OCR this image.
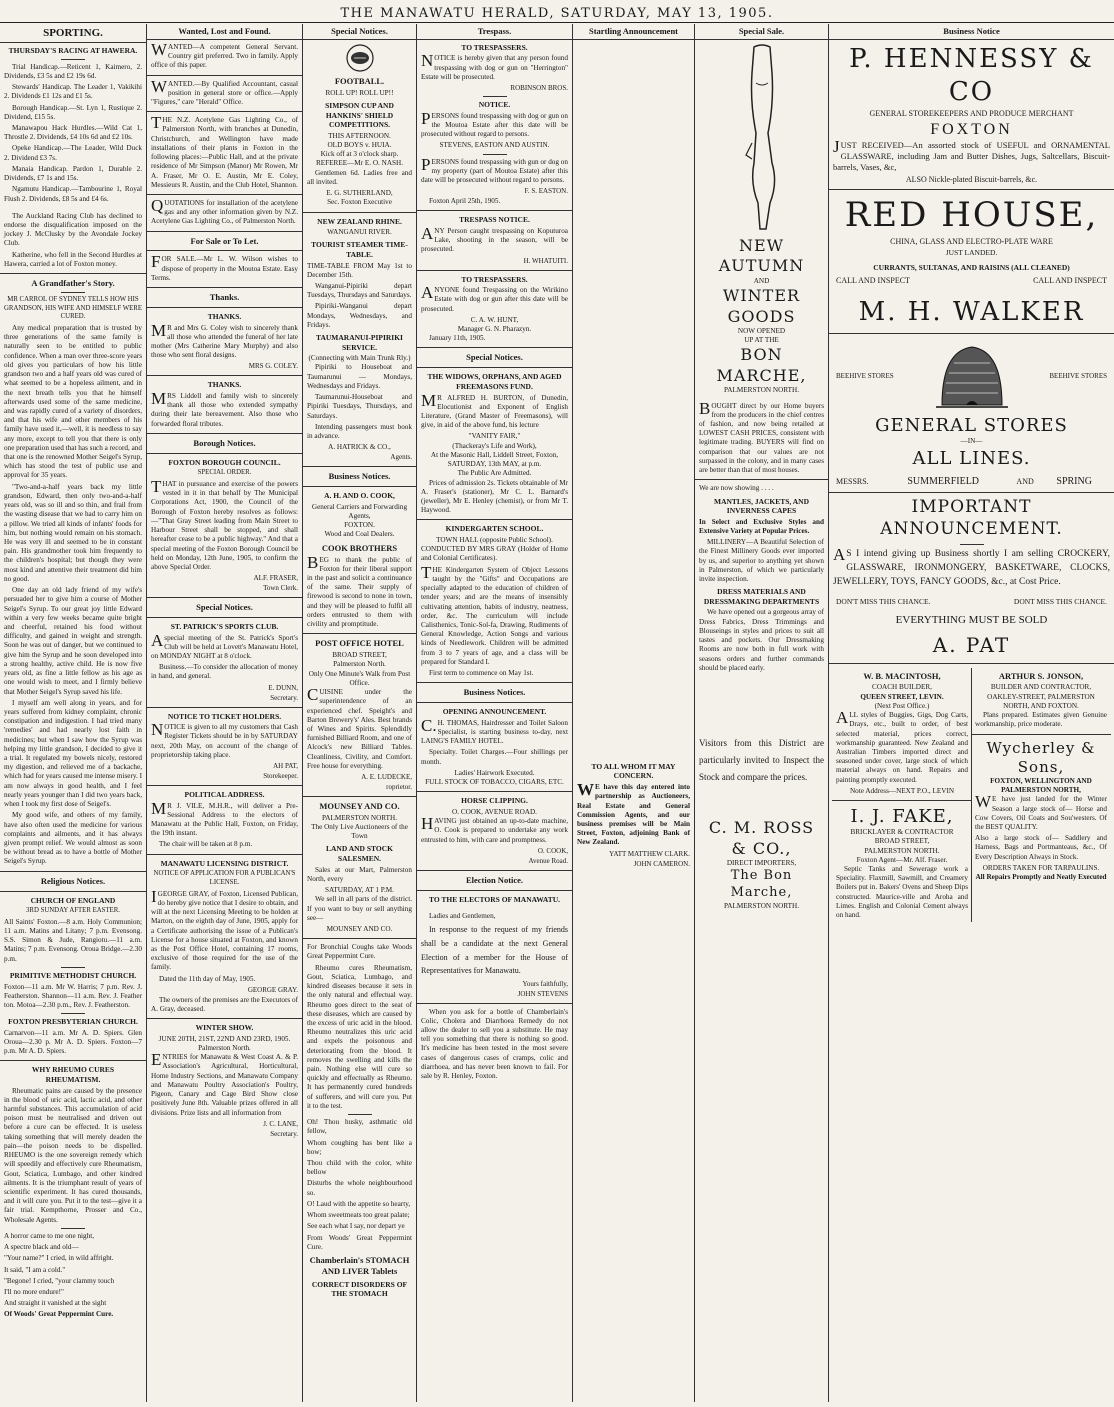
THE MANAWATU HERALD, SATURDAY, MAY 13, 1905.
SPORTING.
THURSDAY'S RACING AT HAWERA.
Trial Handicap.—Reticent 1, Kaimero, 2. Dividends, £3 5s and £2 19s 6d.
Stewards' Handicap. The Leader 1, Vakikihi 2. Dividends £1 12s and £1 5s.
Borough Handicap.—St. Lyn 1, Rustique 2. Dividend, £15 5s.
Manawapou Hack Hurdles.—Wild Cat 1, Throstle 2. Dividends, £4 10s 6d and £2 10s.
Opeke Handicap.—The Leader, Wild Duck 2. Dividend £3 7s.
Manaia Handicap. Pardon 1, Durable 2. Dividends, £7 1s and 15s.
Ngamutu Handicap.—Tambourine 1, Royal Flush 2. Dividends, £8 5s and £4 6s.
The Auckland Racing Club has declined to endorse the disqualification imposed on the jockey J. McClusky by the Avondale Jockey Club.
Katherine, who fell in the Second Hurdles at Hawera, carried a lot of Foxton money.
A Grandfather's Story.
MR CARROL OF SYDNEY TELLS HOW HIS GRANDSON, HIS WIFE AND HIMSELF WERE CURED.
Any medical preparation that is trusted by three generations of the same family is naturally seen to be entitled to public confidence. When a man over three-score years old gives you particulars of how his little grandson two and a half years old was cured of what seemed to be a hopeless ailment, and in the next breath tells you that he himself afterwards used some of the same medicine, and was rapidly cured of a variety of disorders, and that his wife and other members of his family have used it,—well, it is needless to say any more, except to tell you that there is only one preparation used that has such a record, and that one is the renowned Mother Seigel's Syrup, which has stood the test of public use and approval for 35 years.
"Two-and-a-half years back my little grandson, Edward, then only two-and-a-half years old, was so ill and so thin, and frail from the wasting disease that we had to carry him on a pillow. We tried all kinds of infants' foods for him, but nothing would remain on his stomach. He was very ill and seemed to be in constant pain. His grandmother took him frequently to the children's hospital; but though they were most kind and attentive their treatment did him no good.
One day an old lady friend of my wife's persuaded her to give him a course of Mother Seigel's Syrup. To our great joy little Edward within a very few weeks became quite bright and cheerful, retained his food without difficulty, and gained in weight and strength. Soon he was out of danger, but we continued to give him the Syrup and he soon developed into a strong healthy, active child. He is now five years old, as fine a little fellow as his age as one would wish to meet, and I firmly believe that Mother Seigel's Syrup saved his life.
I myself am well along in years, and for years suffered from kidney complaint, chronic constipation and indigestion. I had tried many 'remedies' and had nearly lost faith in medicines; but when I saw how the Syrup was helping my little grandson, I decided to give it a trial. It regulated my bowels nicely, restored my digestion, and relieved me of a backache, which had for years caused me intense misery. I am now always in good health, and I feel nearly years younger than I did two years back, when I took my first dose of Seigel's.
My good wife, and others of my family, have also often used the medicine for various complaints and ailments, and it has always given prompt relief. We would almost as soon be without bread as to have a bottle of Mother Seigel's Syrup.
Religious Notices.
CHURCH OF ENGLAND
3RD SUNDAY AFTER EASTER.
All Saints' Foxton.—8 a.m. Holy Communion; 11 a.m. Matins and Litany; 7 p.m. Evensong. S.S. Simon & Jude, Rangiotu.—11 a.m. Matins; 7 p.m. Evensong. Oroua Bridge.—2.30 p.m.
PRIMITIVE METHODIST CHURCH.
Foxton—11 a.m. Mr W. Harris; 7 p.m. Rev. J. Featherston. Shannon—11 a.m. Rev. J. Feather ton. Motoa—2.30 p.m., Rev. J. Featherston.
FOXTON PRESBYTERIAN CHURCH.
Carnarvon—11 a.m. Mr A. D. Spiers. Glen Oroua—2.30 p. Mr A. D. Spiers. Foxton—7 p.m. Mr A. D. Spiers.
WHY RHEUMO CURES RHEUMATISM.
Rheumatic pains are caused by the presence in the blood of uric acid, lactic acid, and other harmful substances. This accumulation of acid poison must be neutralised and driven out before a cure can be effected. It is useless taking something that will merely deaden the pain—the poison needs to be dispelled. RHEUMO is the one sovereign remedy which will speedily and effectively cure Rheumatism, Gout, Sciatica, Lumbago, and other kindred ailments. It is the triumphant result of years of scientific experiment. It has cured thousands, and it will cure you. Put it to the test—give it a fair trial. Kempthorne, Prosser and Co., Wholesale Agents.
A horror came to me one night,
A spectre black and old—
"Your name?" I cried, in wild affright.
It said, "I am a cold."
"Begone! I cried, "your clammy touch
I'll no more endure!"
And straight it vanished at the sight
Of Woods' Great Peppermint Cure.
Wanted, Lost and Found.
WANTED—A competent General Servant. Country girl preferred. Two in family. Apply office of this paper.
WANTED.—By Qualified Accountant, casual position in general store or office.—Apply "Figures," care "Herald" Office.
THE N.Z. Acetylene Gas Lighting Co., of Palmerston North, with branches at Dunedin, Christchurch, and Wellington have made installations of their plants in Foxton in the following places:—Public Hall, and at the private residence of Mr Simpson (Manor) Mr Rowen, Mr A. Fraser, Mr O. E. Austin, Mr E. Coley, Messieurs R. Austin, and the Club Hotel, Shannon.
QUOTATIONS for installation of the acetylene gas and any other information given by N.Z. Acetylene Gas Lighting Co., of Palmerston North.
For Sale or To Let.
FOR SALE.—Mr L. W. Wilson wishes to dispose of property in the Moutoa Estate. Easy Terms.
Thanks.
THANKS.
MR and Mrs G. Coley wish to sincerely thank all those who attended the funeral of her late mother (Mrs Catherine Mary Murphy) and also those who sent floral designs.
MRS G. COLEY.
THANKS.
MRS Liddell and family wish to sincerely thank all those who extended sympathy during their late bereavement. Also those who forwarded floral tributes.
Borough Notices.
FOXTON BOROUGH COUNCIL.
SPECIAL ORDER.
THAT in pursuance and exercise of the powers vested in it in that behalf by The Municipal Corporations Act, 1900, the Council of the Borough of Foxton hereby resolves as follows:—"That Gray Street leading from Main Street to Harbour Street shall be stopped, and shall hereafter cease to be a public highway." And that a special meeting of the Foxton Borough Council be held on Monday, 12th June, 1905, to confirm the above Special Order.
ALF. FRASER,
Town Clerk.
Special Notices.
ST. PATRICK'S SPORTS CLUB.
Aspecial meeting of the St. Patrick's Sport's Club will be held at Lovett's Manawatu Hotel, on MONDAY NIGHT at 8 o'clock.
Business.—To consider the allocation of money in hand, and general.
E. DUNN,
Secretary.
NOTICE TO TICKET HOLDERS.
NOTICE is given to all my customers that Cash Register Tickets should be in by SATURDAY next, 20th May, on account of the change of proprietorship taking place.
AH PAT,
Storekeeper.
POLITICAL ADDRESS.
MR J. VILE, M.H.R., will deliver a Pre-Sessional Address to the electors of Manawatu at the Public Hall, Foxton, on Friday, the 19th instant.
The chair will be taken at 8 p.m.
MANAWATU LICENSING DISTRICT.
NOTICE OF APPLICATION FOR A PUBLICAN'S LICENSE.
IGEORGE GRAY, of Foxton, Licensed Publican, do hereby give notice that I desire to obtain, and will at the next Licensing Meeting to be holden at Marton, on the eighth day of June, 1905, apply for a Certificate authorising the issue of a Publican's License for a house situated at Foxton, and known as the Post Office Hotel, containing 17 rooms, exclusive of those required for the use of the family.
Dated the 11th day of May, 1905.
GEORGE GRAY.
The owners of the premises are the Executors of A. Gray, deceased.
WINTER SHOW.
JUNE 20TH, 21ST, 22ND AND 23RD, 1905.
Palmerston North.
ENTRIES for Manawatu & West Coast A. & P. Association's Agricultural, Horticultural, Home Industry Sections, and Manawatu Company and Manawatu Poultry Association's Poultry, Pigeon, Canary and Cage Bird Show close positively June 8th. Valuable prizes offered in all divisions. Prize lists and all information from
J. C. LANE,
Secretary.
Special Notices.
FOOTBALL.
ROLL UP! ROLL UP!!
SIMPSON CUP AND HANKINS' SHIELD COMPETITIONS.
THIS AFTERNOON.
OLD BOYS v. HUIA.
Kick off at 3 o'clock sharp.
REFEREE—Mr E. O. NASH.
Gentlemen 6d. Ladies free and all invited.
E. G. SUTHERLAND,
Sec. Foxton Executive
NEW ZEALAND RHINE.
WANGANUI RIVER.
TOURIST STEAMER TIME-TABLE.
TIME-TABLE FROM May 1st to December 15th.
Wanganui-Pipiriki depart Tuesdays, Thursdays and Saturdays.
Pipiriki-Wanganui depart Mondays, Wednesdays, and Fridays.
TAUMARANUI-PIPIRIKI SERVICE.
(Connecting with Main Trunk Rly.)
Pipiriki to Houseboat and Taumarunui — Mondays, Wednesdays and Fridays.
Taumarunui-Houseboat and Pipiriki Tuesdays, Thursdays, and Saturdays.
Intending passengers must book in advance.
A. HATRICK & CO.,
Agents.
Business Notices.
A. H. AND O. COOK,
General Carriers and Forwarding Agents,
FOXTON.
Wood and Coal Dealers.
COOK BROTHERS
BEG to thank the public of Foxton for their liberal support in the past and solicit a continuance of the same. Their supply of firewood is second to none in town, and they will be pleased to fulfil all orders entrusted to them with civility and promptitude.
POST OFFICE HOTEL
BROAD STREET,
Palmerston North.
Only One Minute's Walk from Post Office.
CUISINE under the superintendence of an experienced chef. Speight's and Barton Brewery's' Ales. Best brands of Wines and Spirits. Splendidly furnished Billiard Room, and one of Alcock's new Billiard Tables. Cleanliness, Civility, and Comfort. Free house for everything.
A. E. LUDECKE,
roprietor.
MOUNSEY AND CO.
PALMERSTON NORTH.
The Only Live Auctioneers of the Town
LAND AND STOCK SALESMEN.
Sales at our Mart, Palmerston North, every
SATURDAY, AT 1 P.M.
We sell in all parts of the district. If you want to buy or sell anything see—
MOUNSEY AND CO.
For Bronchial Coughs take Woods Great Peppermint Cure.
Rheumo cures Rheumatism, Gout, Sciatica, Lumbago, and kindred diseases because it sets in the only natural and effectual way. Rheumo goes direct to the seat of these diseases, which are caused by the excess of uric acid in the blood. Rheumo neutralizes this uric acid and expels the poisonous and deteriorating from the blood. It removes the swelling and kills the pain. Nothing else will cure so quickly and effectually as Rheumo. It has permanently cured hundreds of sufferers, and will cure you. Put it to the test.
Oh! Thou husky, asthmatic old fellow,
Whom coughing has bent like a bow;
Thou child with the color, white bellow
Disturbs the whole neighbourhood so.
O! Laud with the appetite so hearty,
Whom sweetmeats too great palate;
See each what I say, nor depart ye
From Woods' Great Peppermint Cure.
Chamberlain's STOMACH AND LIVER Tablets
CORRECT DISORDERS OF THE STOMACH
Trespass.
TO TRESPASSERS.
NOTICE is hereby given that any person found trespassing with dog or gun on "Herrington" Estate will be prosecuted.
ROBINSON BROS.
NOTICE.
PERSONS found trespassing with dog or gun on the Moutoa Estate after this date will be prosecuted without regard to persons.
STEVENS, EASTON AND AUSTIN.
PERSONS found trespassing with gun or dog on my property (part of Moutoa Estate) after this date will be prosecuted without regard to persons.
F. S. EASTON.
Foxton April 25th, 1905.
TRESPASS NOTICE.
ANY Person caught trespassing on Koputuroa Lake, shooting in the season, will be prosecuted.
H. WHATUITI.
TO TRESPASSERS.
ANYONE found Trespassing on the Wirikino Estate with dog or gun after this date will be prosecuted.
C. A. W. HUNT,
Manager G. N. Pharazyn.
January 11th, 1905.
Special Notices.
THE WIDOWS, ORPHANS, AND AGED FREEMASONS FUND.
MR ALFRED H. BURTON, of Dunedin, Elocutionist and Exponent of English Literature, (Grand Master of Freemasons), will give, in aid of the above fund, his lecture
"VANITY FAIR,"
(Thackeray's Life and Work),
At the Masonic Hall, Liddell Street, Foxton,
SATURDAY, 13th MAY, at p.m.
The Public Are Admitted.
Prices of admission 2s. Tickets obtainable of Mr A. Fraser's (stationer), Mr C. L. Barnard's (jeweller), Mr E. Henley (chemist), or from Mr T. Haywood.
KINDERGARTEN SCHOOL.
TOWN HALL (opposite Public School).
CONDUCTED BY MRS GRAY (Holder of Home and Colonial Certificates).
THE Kindergarten System of Object Lessons taught by the "Gifts" and Occupations are specially adapted to the education of children of tender years; and are the means of insensibly cultivating attention, habits of industry, neatness, order, &c. The curriculum will include Calisthenics, Tonic-Sol-fa, Drawing, Rudiments of General Knowledge, Action Songs and various kinds of Needlework. Children will be admitted from 3 to 7 years of age, and a class will be prepared for Standard I.
First term to commence on May 1st.
Business Notices.
OPENING ANNOUNCEMENT.
C.H. THOMAS, Hairdresser and Toilet Saloon Specialist, is starting business to-day, next LAING'S FAMILY HOTEL.
Specialty. Toilet Charges.—Four shillings per month.
Ladies' Hairwork Executed.
FULL STOCK OF TOBACCO, CIGARS, ETC.
HORSE CLIPPING.
O. COOK, AVENUE ROAD.
HAVING just obtained an up-to-date machine, O. Cook is prepared to undertake any work entrusted to him, with care and promptness.
O. COOK,
Avenue Road.
Election Notice.
TO THE ELECTORS OF MANAWATU.
Ladies and Gentlemen,
In response to the request of my friends shall be a candidate at the next General Election of a member for the House of Representatives for Manawatu.
Yours faithfully,
JOHN STEVENS
When you ask for a bottle of Chamberlain's Colic, Cholera and Diarrhoea Remedy do not allow the dealer to sell you a substitute. He may tell you something that there is nothing so good. It's medicine has been tested in the most severe cases of dangerous cases of cramps, colic and diarrhoea, and has never been known to fail. For sale by R. Henley, Foxton.
Startling Announcement
TO ALL WHOM IT MAY CONCERN.
WE have this day entered into partnership as Auctioneers, Real Estate and General Commission Agents, and our business premises will be Main Street, Foxton, adjoining Bank of New Zealand.
YATT MATTHEW CLARK.
JOHN CAMERON.
Special Sale.
NEW AUTUMN
AND
WINTER GOODS
NOW OPENED
UP AT THE
BON MARCHE,
PALMERSTON NORTH.
BOUGHT direct by our Home buyers from the producers in the chief centres of fashion, and now being retailed at LOWEST CASH PRICES, consistent with legitimate trading. BUYERS will find on comparison that our values are not surpassed in the colony, and in many cases are better than that of most houses.
We are now showing . . . .
MANTLES, JACKETS, AND INVERNESS CAPES
In Select and Exclusive Styles and Extensive Variety at Popular Prices.
MILLINERY—A Beautiful Selection of the Finest Millinery Goods ever imported by us, and superior to anything yet shown in Palmerston, of which we particularly invite inspection.
DRESS MATERIALS AND DRESSMAKING DEPARTMENTS
We have opened out a gorgeous array of Dress Fabrics, Dress Trimmings and Blouseings in styles and prices to suit all tastes and pockets. Our Dressmaking Rooms are now both in full work with seasons orders and further commands should be placed early.
Visitors from this District are particularly invited to Inspect the Stock and compare the prices.
C. M. ROSS & CO.,
DIRECT IMPORTERS,
The Bon Marche,
PALMERSTON NORTH.
Business Notice
P. HENNESSY & CO
GENERAL STOREKEEPERS AND PRODUCE MERCHANT
FOXTON
JUST RECEIVED—An assorted stock of USEFUL and ORNAMENTAL GLASSWARE, including Jam and Butter Dishes, Jugs, Saltcellars, Biscuit-barrels, Vases, &c,
ALSO Nickle-plated Biscuit-barrels, &c.
RED HOUSE,
CHINA, GLASS AND ELECTRO-PLATE WARE
JUST LANDED.
CURRANTS, SULTANAS, AND RAISINS (ALL CLEANED)
CALL AND INSPECT	CALL AND INSPECT
M. H. WALKER
BEEHIVE STORES	BEEHIVE STORES
GENERAL STORES
—IN—
ALL LINES.
MESSRS.	SUMMERFIELD	AND	SPRING
IMPORTANT ANNOUNCEMENT.
AS I intend giving up Business shortly I am selling CROCKERY, GLASSWARE, IRONMONGERY, BASKETWARE, CLOCKS, JEWELLERY, TOYS, FANCY GOODS, &c., at Cost Price.
DON'T MISS THIS CHANCE.	DONT MISS THIS CHANCE.
EVERYTHING MUST BE SOLD
A. PAT
W. B. MACINTOSH,
COACH BUILDER,
QUEEN STREET, LEVIN.
(Next Post Office.)
ALL styles of Buggies, Gigs, Dog Carts, Drays, etc., built to order, of best selected material, prices correct, workmanship guaranteed. New Zealand and Australian Timbers imported direct and seasoned under cover, large stock of which material always on hand. Repairs and painting promptly executed.
Note Address—NEXT P.O., LEVIN
I. J. FAKE,
BRICKLAYER & CONTRACTOR
BROAD STREET,
PALMERSTON NORTH.
Foxton Agent—Mr. Alf. Fraser.
Septic Tanks and Sewerage work a Speciality. Flaxmill, Sawmill, and Creamery Boilers put in. Bakers' Ovens and Sheep Dips constructed. Maurice-ville and Aroha and Limes. English and Colonial Cement always on hand.
ARTHUR S. JONSON,
BUILDER AND CONTRACTOR,
OAKLEY-STREET, PALMERSTON NORTH, AND FOXTON.
Plans prepared. Estimates given Genuine workmanship, price moderate.
Wycherley & Sons,
FOXTON, WELLINGTON AND PALMERSTON NORTH,
WE have just landed for the Winter Season a large stock of— Horse and Cow Covers, Oil Coats and Sou'westers. Of the BEST QUALITY.
Also a large stock of— Saddlery and Harness, Bags and Portmanteaus, &c., Of Every Description Always in Stock.
ORDERS TAKEN FOR TARPAULINS.
All Repairs Promptly and Neatly Executed
